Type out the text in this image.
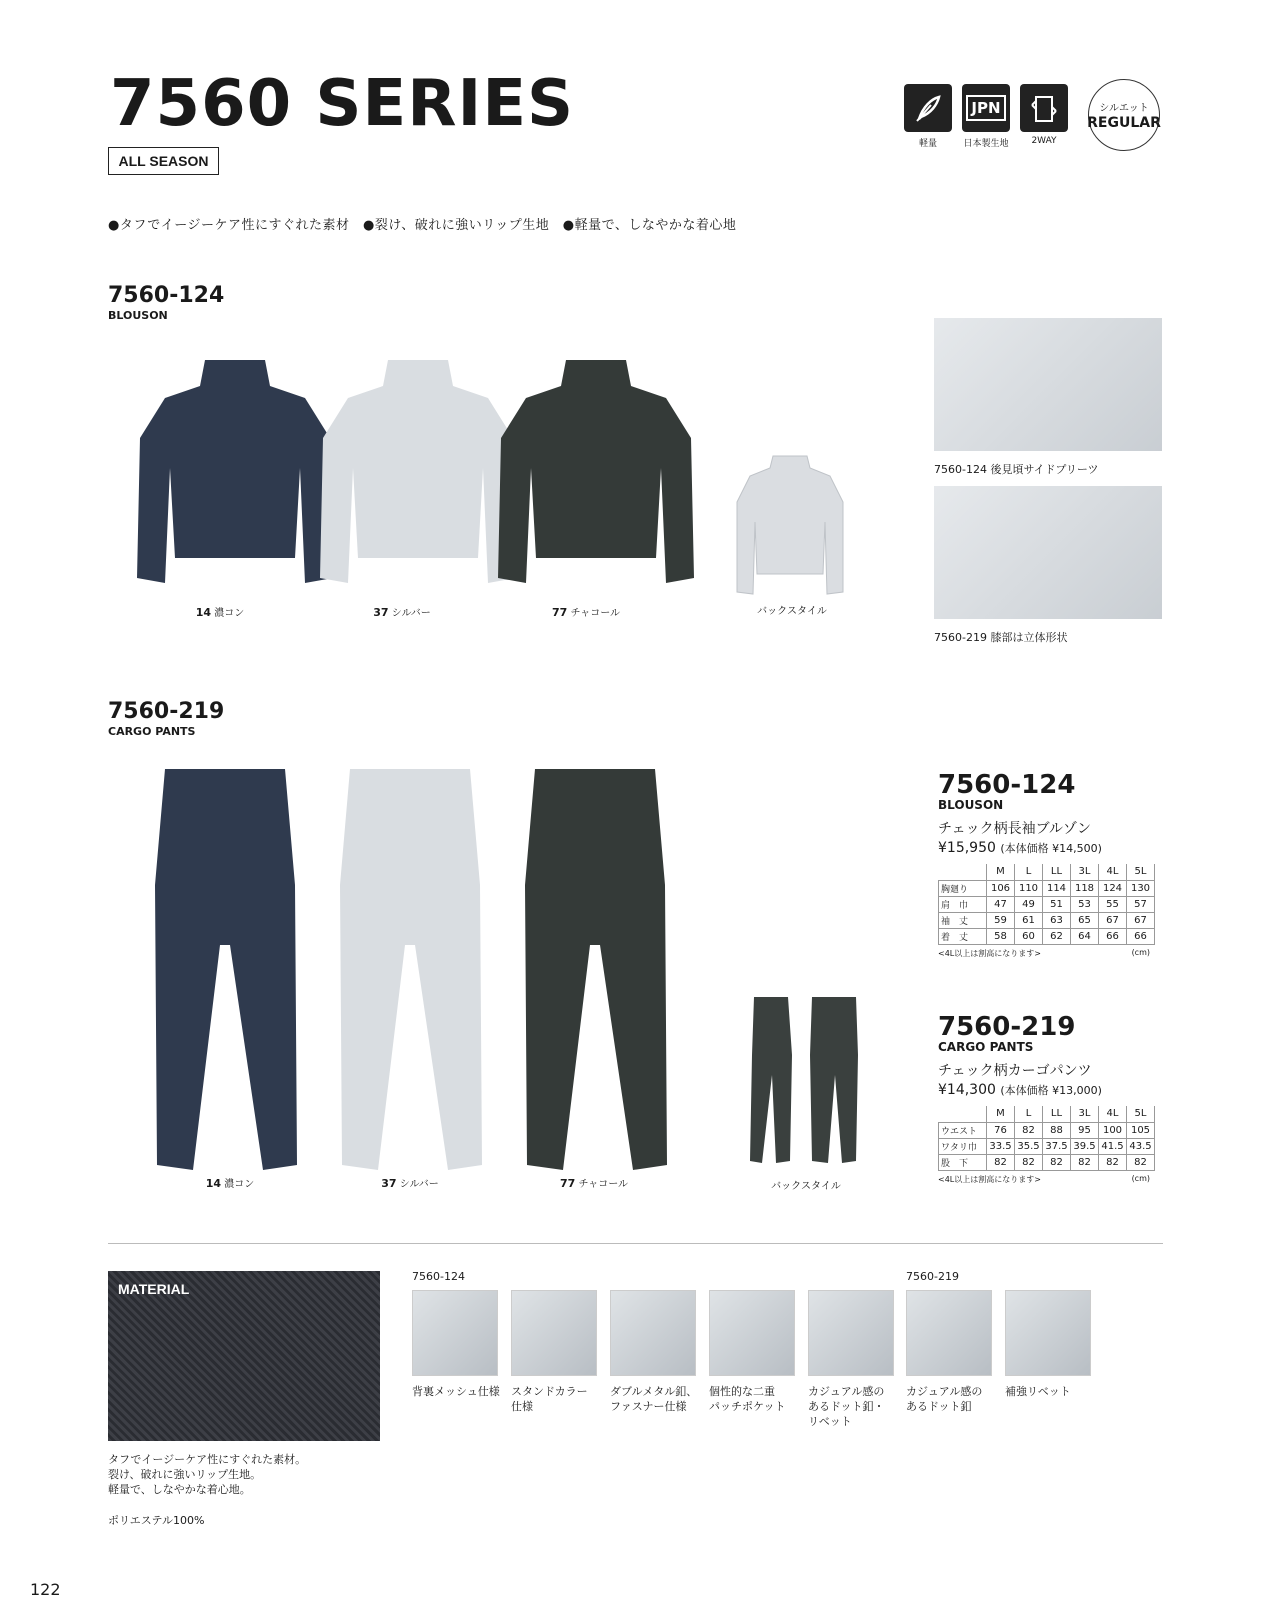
7560 SERIES
ALL SEASON
軽量
JPN
日本製生地	2WAY
シルエット
REGULAR
●タフでイージーケア性にすぐれた素材　●裂け、破れに強いリップ生地　●軽量で、しなやかな着心地
7560-124
BLOUSON
14 濃コン	37 シルバー	77 チャコール	バックスタイル
7560-124 後見頃サイドプリーツ
7560-219 膝部は立体形状
7560-219
CARGO PANTS
14 濃コン	37 シルバー	77 チャコール	バックスタイル
7560-124
BLOUSON
チェック柄長袖ブルゾン
¥15,950 (本体価格 ¥14,500)
	M	L	LL	3L	4L	5L
胸廻り	106	110	114	118	124	130
肩　巾	47	49	51	53	55	57
袖　丈	59	61	63	65	67	67
着　丈	58	60	62	64	66	66
<4L以上は割高になります>	(cm)
7560-219
CARGO PANTS
チェック柄カーゴパンツ
¥14,300 (本体価格 ¥13,000)
	M	L	LL	3L	4L	5L
ウエスト	76	82	88	95	100	105
ワタリ巾	33.5	35.5	37.5	39.5	41.5	43.5
股　下	82	82	82	82	82	82
<4L以上は割高になります>	(cm)
MATERIAL
タフでイージーケア性にすぐれた素材。
裂け、破れに強いリップ生地。
軽量で、しなやかな着心地。
ポリエステル100%
7560-124	7560-219
背裏メッシュ仕様 スタンドカラー
仕様
ダブルメタル釦、
ファスナー仕様
個性的な二重
パッチポケット
カジュアル感の
あるドット釦・
リベット
カジュアル感の
あるドット釦
補強リベット
122
